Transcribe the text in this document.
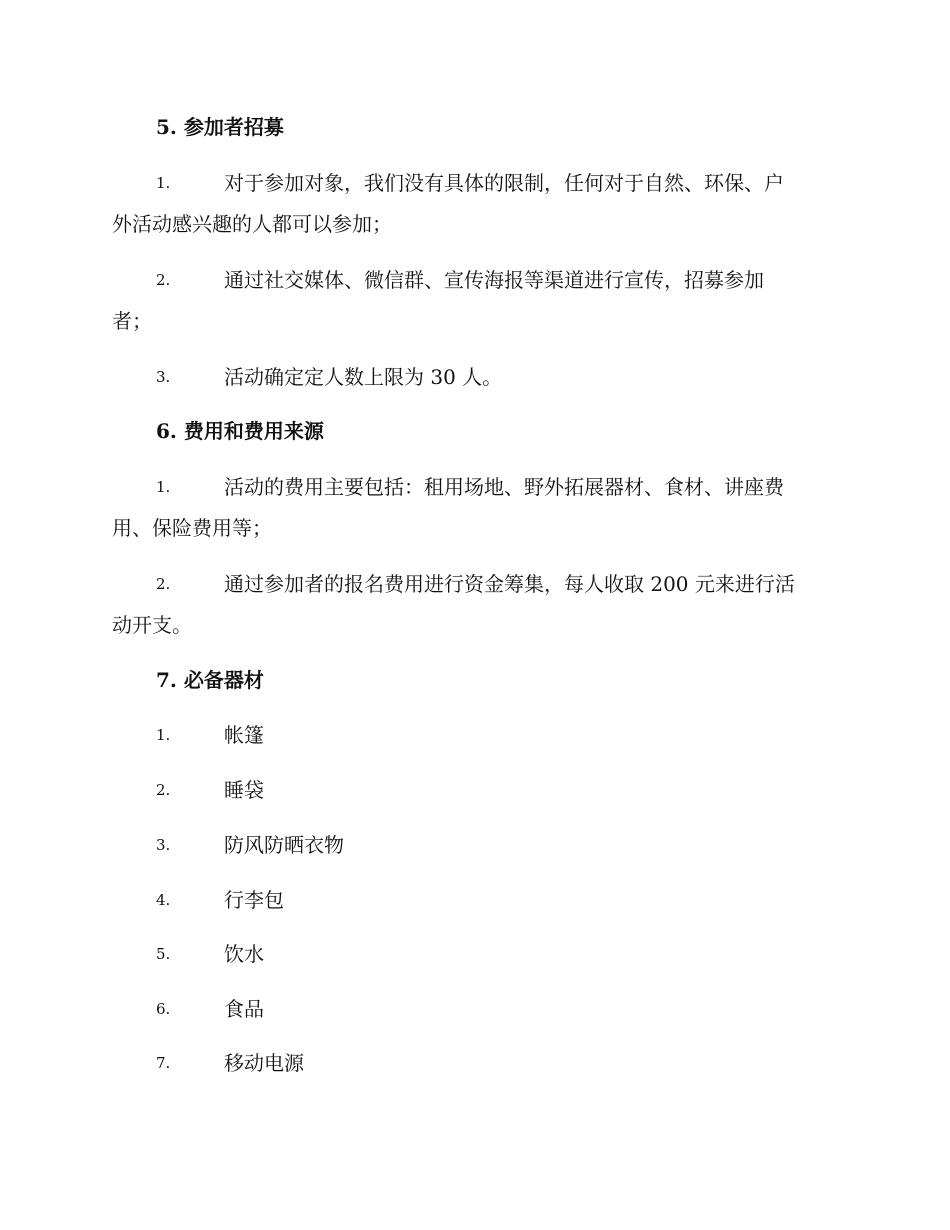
5. 参加者招募
1.	对于参加对象，我们没有具体的限制，任何对于自然、环保、户
外活动感兴趣的人都可以参加；
2.	通过社交媒体、微信群、宣传海报等渠道进行宣传，招募参加
者；
3.	活动确定定人数上限为 30 人。
6. 费用和费用来源
1.	活动的费用主要包括：租用场地、野外拓展器材、食材、讲座费
用、保险费用等；
2.	通过参加者的报名费用进行资金筹集，每人收取 200 元来进行活
动开支。
7. 必备器材
1.	帐篷
2.	睡袋
3.	防风防晒衣物
4.	行李包
5.	饮水
6.	食品
7.	移动电源
